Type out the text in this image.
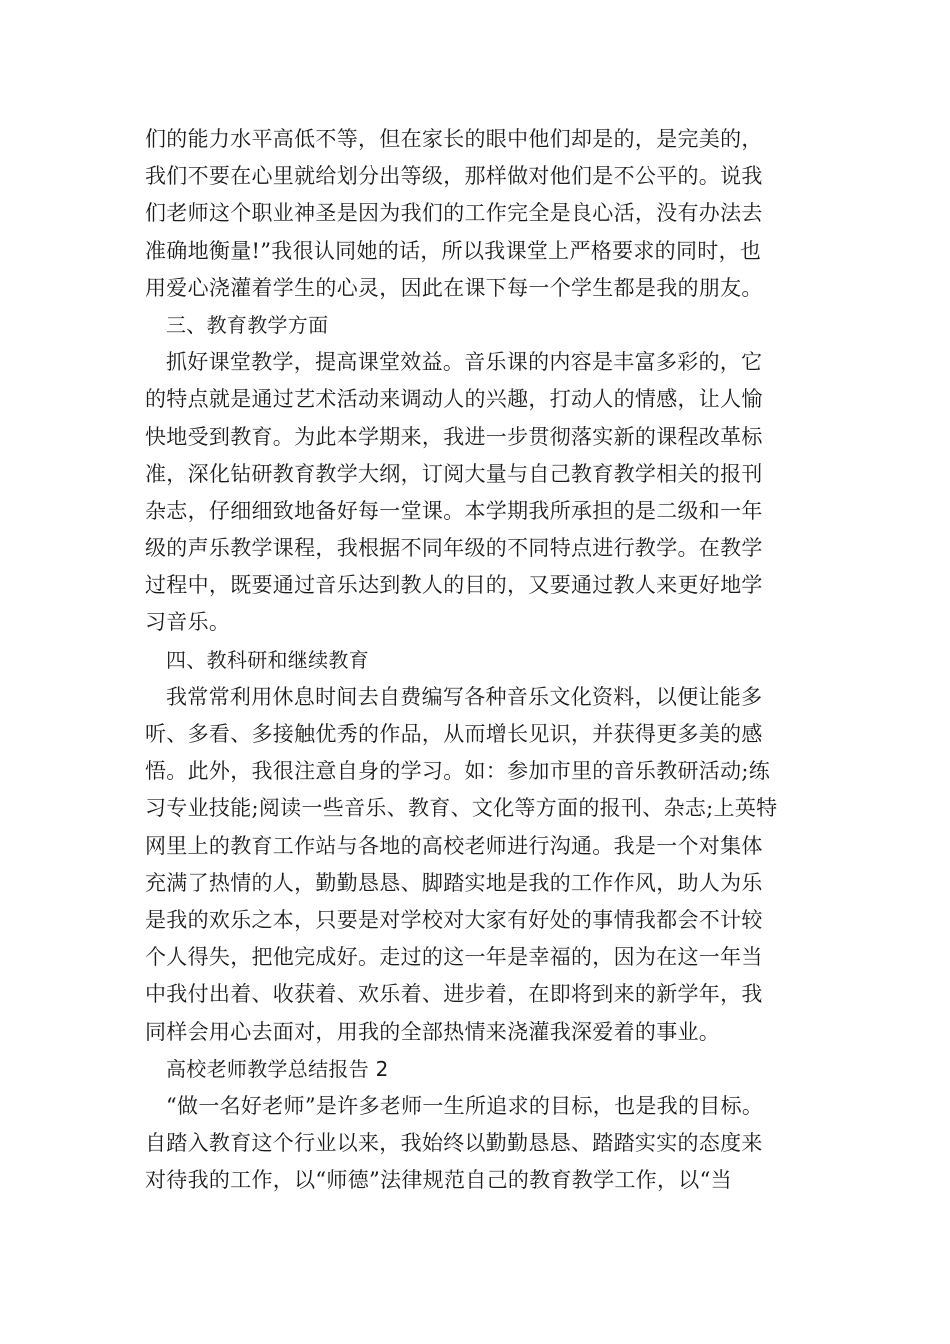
们的能力水平高低不等，但在家长的眼中他们却是的，是完美的，
我们不要在心里就给划分出等级，那样做对他们是不公平的。说我
们老师这个职业神圣是因为我们的工作完全是良心活，没有办法去
准确地衡量!”我很认同她的话，所以我课堂上严格要求的同时，也
用爱心浇灌着学生的心灵，因此在课下每一个学生都是我的朋友。
三、教育教学方面
抓好课堂教学，提高课堂效益。音乐课的内容是丰富多彩的，它
的特点就是通过艺术活动来调动人的兴趣，打动人的情感，让人愉
快地受到教育。为此本学期来，我进一步贯彻落实新的课程改革标
准，深化钻研教育教学大纲，订阅大量与自己教育教学相关的报刊
杂志，仔细细致地备好每一堂课。本学期我所承担的是二级和一年
级的声乐教学课程，我根据不同年级的不同特点进行教学。在教学
过程中，既要通过音乐达到教人的目的，又要通过教人来更好地学
习音乐。
四、教科研和继续教育
我常常利用休息时间去自费编写各种音乐文化资料，以便让能多
听、多看、多接触优秀的作品，从而增长见识，并获得更多美的感
悟。此外，我很注意自身的学习。如：参加市里的音乐教研活动;练
习专业技能;阅读一些音乐、教育、文化等方面的报刊、杂志;上英特
网里上的教育工作站与各地的高校老师进行沟通。我是一个对集体
充满了热情的人，勤勤恳恳、脚踏实地是我的工作作风，助人为乐
是我的欢乐之本，只要是对学校对大家有好处的事情我都会不计较
个人得失，把他完成好。走过的这一年是幸福的，因为在这一年当
中我付出着、收获着、欢乐着、进步着，在即将到来的新学年，我
同样会用心去面对，用我的全部热情来浇灌我深爱着的事业。
高校老师教学总结报告 2
“做一名好老师”是许多老师一生所追求的目标，也是我的目标。
自踏入教育这个行业以来，我始终以勤勤恳恳、踏踏实实的态度来
对待我的工作，以“师德”法律规范自己的教育教学工作，以“当
